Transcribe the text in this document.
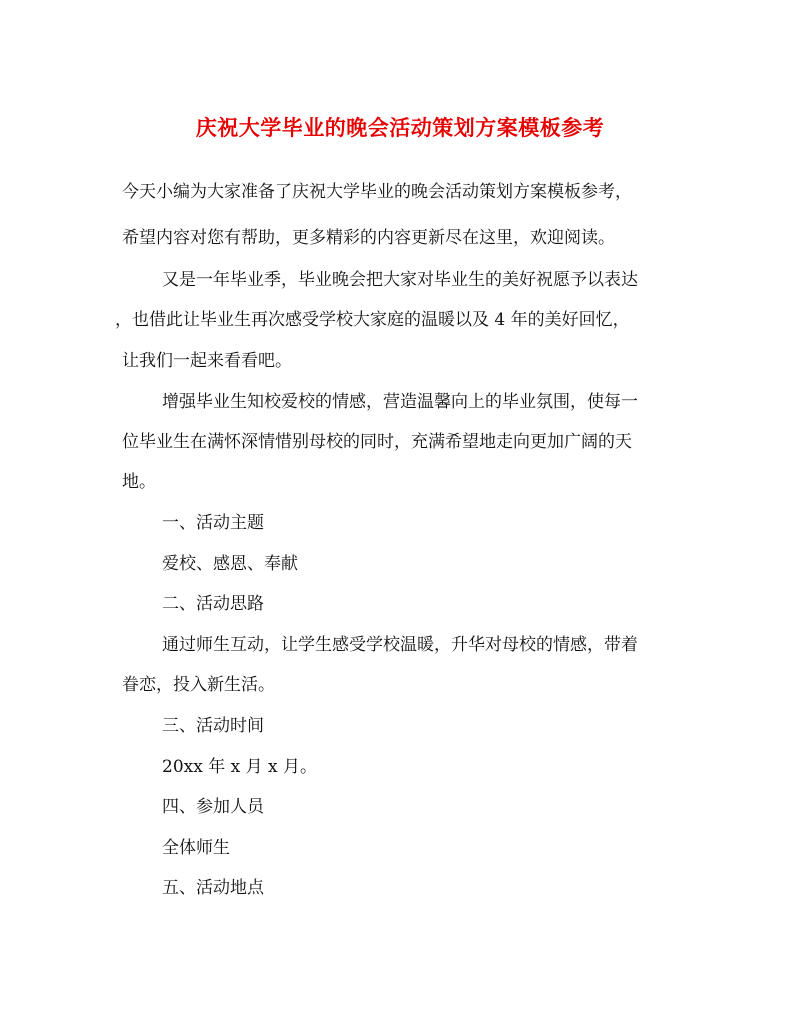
庆祝大学毕业的晚会活动策划方案模板参考
今天小编为大家准备了庆祝大学毕业的晚会活动策划方案模板参考，
希望内容对您有帮助，更多精彩的内容更新尽在这里，欢迎阅读。
又是一年毕业季，毕业晚会把大家对毕业生的美好祝愿予以表达
，也借此让毕业生再次感受学校大家庭的温暖以及 4 年的美好回忆，
让我们一起来看看吧。
增强毕业生知校爱校的情感，营造温馨向上的毕业氛围，使每一
位毕业生在满怀深情惜别母校的同时，充满希望地走向更加广阔的天
地。
一、活动主题
爱校、感恩、奉献
二、活动思路
通过师生互动，让学生感受学校温暖，升华对母校的情感，带着
眷恋，投入新生活。
三、活动时间
20xx 年 x 月 x 月。
四、参加人员
全体师生
五、活动地点
